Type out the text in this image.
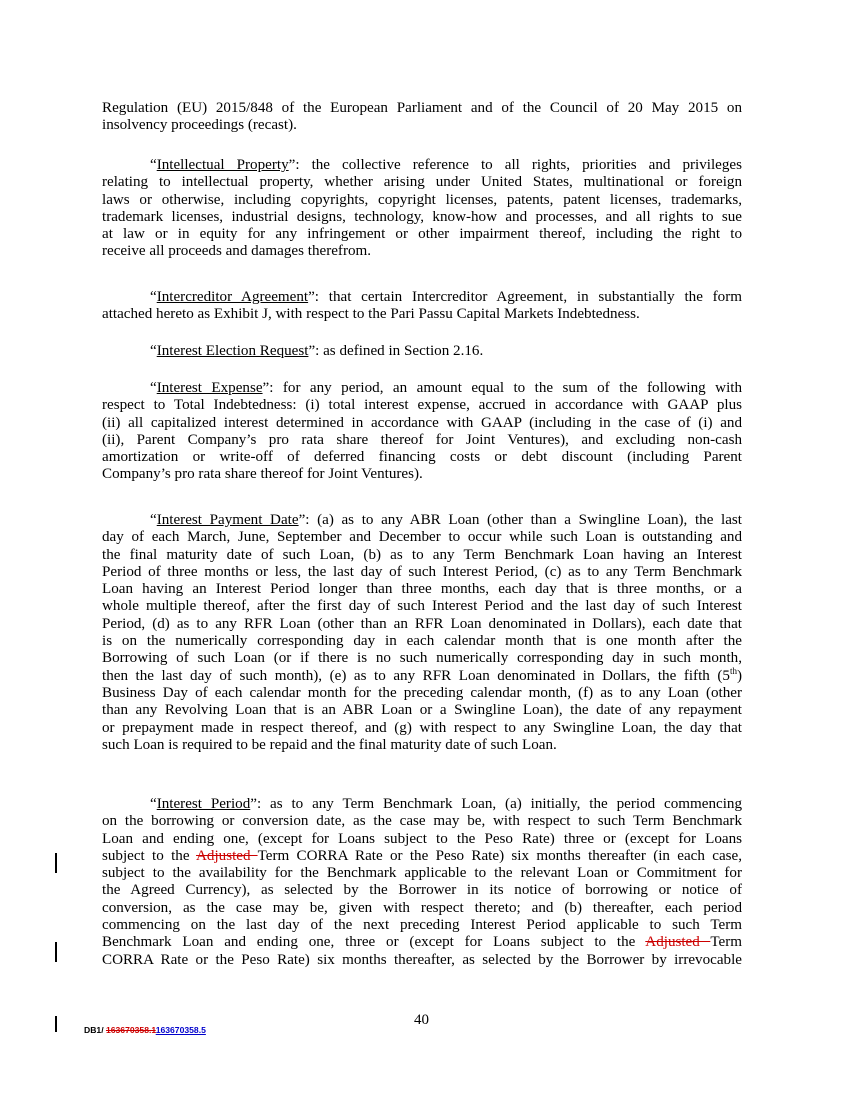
Regulation (EU) 2015/848 of the European Parliament and of the Council of 20 May 2015 on
insolvency proceedings (recast).
“Intellectual Property”: the collective reference to all rights, priorities and privileges
relating to intellectual property, whether arising under United States, multinational or foreign
laws or otherwise, including copyrights, copyright licenses, patents, patent licenses, trademarks,
trademark licenses, industrial designs, technology, know-how and processes, and all rights to sue
at law or in equity for any infringement or other impairment thereof, including the right to
receive all proceeds and damages therefrom.
“Intercreditor Agreement”: that certain Intercreditor Agreement, in substantially the form
attached hereto as Exhibit J, with respect to the Pari Passu Capital Markets Indebtedness.
“Interest Election Request”: as defined in Section 2.16.
“Interest Expense”: for any period, an amount equal to the sum of the following with
respect to Total Indebtedness: (i) total interest expense, accrued in accordance with GAAP plus
(ii) all capitalized interest determined in accordance with GAAP (including in the case of (i) and
(ii), Parent Company’s pro rata share thereof for Joint Ventures), and excluding non-cash
amortization or write-off of deferred financing costs or debt discount (including Parent
Company’s pro rata share thereof for Joint Ventures).
“Interest Payment Date”: (a) as to any ABR Loan (other than a Swingline Loan), the last
day of each March, June, September and December to occur while such Loan is outstanding and
the final maturity date of such Loan, (b) as to any Term Benchmark Loan having an Interest
Period of three months or less, the last day of such Interest Period, (c) as to any Term Benchmark
Loan having an Interest Period longer than three months, each day that is three months, or a
whole multiple thereof, after the first day of such Interest Period and the last day of such Interest
Period, (d) as to any RFR Loan (other than an RFR Loan denominated in Dollars), each date that
is on the numerically corresponding day in each calendar month that is one month after the
Borrowing of such Loan (or if there is no such numerically corresponding day in such month,
then the last day of such month), (e) as to any RFR Loan denominated in Dollars, the fifth (5th)
Business Day of each calendar month for the preceding calendar month, (f) as to any Loan (other
than any Revolving Loan that is an ABR Loan or a Swingline Loan), the date of any repayment
or prepayment made in respect thereof, and (g) with respect to any Swingline Loan, the day that
such Loan is required to be repaid and the final maturity date of such Loan.
“Interest Period”: as to any Term Benchmark Loan, (a) initially, the period commencing
on the borrowing or conversion date, as the case may be, with respect to such Term Benchmark
Loan and ending one, (except for Loans subject to the Peso Rate) three or (except for Loans
subject to the Adjusted Term CORRA Rate or the Peso Rate) six months thereafter (in each case,
subject to the availability for the Benchmark applicable to the relevant Loan or Commitment for
the Agreed Currency), as selected by the Borrower in its notice of borrowing or notice of
conversion, as the case may be, given with respect thereto; and (b) thereafter, each period
commencing on the last day of the next preceding Interest Period applicable to such Term
Benchmark Loan and ending one, three or (except for Loans subject to the Adjusted Term
CORRA Rate or the Peso Rate) six months thereafter, as selected by the Borrower by irrevocable
DB1/ 163670358.1163670358.5
40
